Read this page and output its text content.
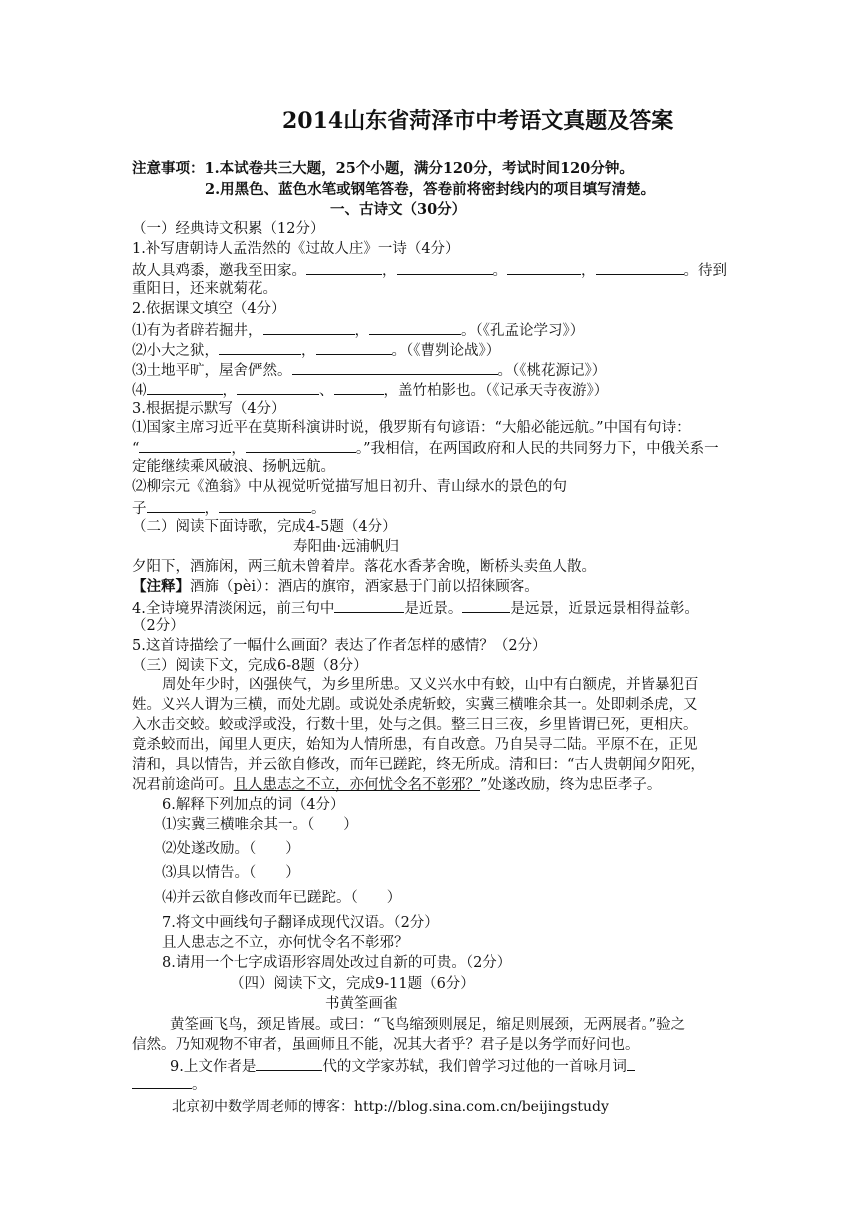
2014山东省菏泽市中考语文真题及答案
注意事项：1.本试卷共三大题，25个小题，满分120分，考试时间120分钟。
2.用黑色、蓝色水笔或钢笔答卷，答卷前将密封线内的项目填写清楚。
一、古诗文（30分）
（一）经典诗文积累（12分）
1.补写唐朝诗人孟浩然的《过故人庄》一诗（4分）
故人具鸡黍，邀我至田家。	，	。	，	。待到
重阳日，还来就菊花。
2.依据课文填空（4分）
⑴有为者辟若掘井，	，	。（《孔孟论学习》）
⑵小大之狱，	，	。（《曹刿论战》）
⑶土地平旷，屋舍俨然。	。（《桃花源记》）
⑷	，	、	，盖竹柏影也。（《记承天寺夜游》）
3.根据提示默写（4分）
⑴国家主席习近平在莫斯科演讲时说，俄罗斯有句谚语：“大船必能远航。”中国有句诗：
“	，	。”我相信，在两国政府和人民的共同努力下，中俄关系一
定能继续乘风破浪、扬帆远航。
⑵柳宗元《渔翁》中从视觉听觉描写旭日初升、青山绿水的景色的句
子	，	。
（二）阅读下面诗歌，完成4-5题（4分）
寿阳曲·远浦帆归
夕阳下，酒旆闲，两三航未曾着岸。落花水香茅舍晚，断桥头卖鱼人散。
【注释】酒旆（pèi）：酒店的旗帘，酒家悬于门前以招徕顾客。
4.全诗境界清淡闲远，前三句中	是近景。	是远景，近景远景相得益彰。
（2分）
5.这首诗描绘了一幅什么画面？表达了作者怎样的感情？（2分）
（三）阅读下文，完成6-8题（8分）
周处年少时，凶强侠气，为乡里所患。又义兴水中有蛟，山中有白额虎，并皆暴犯百
姓。义兴人谓为三横，而处尤剧。或说处杀虎斩蛟，实冀三横唯余其一。处即刺杀虎，又
入水击交蛟。蛟或浮或没，行数十里，处与之俱。整三日三夜，乡里皆谓已死，更相庆。
竟杀蛟而出，闻里人更庆，始知为人情所患，有自改意。乃自吴寻二陆。平原不在，正见
清和，具以情告，并云欲自修改，而年已蹉跎，终无所成。清和曰：“古人贵朝闻夕阳死，
况君前途尚可。且人患志之不立，亦何忧令名不彰邪？”处遂改励，终为忠臣孝子。
6.解释下列加点的词（4分）
⑴实冀三横唯余其一。（　　）
⑵处遂改励。（　　）
⑶具以情告。（　　）
⑷并云欲自修改而年已蹉跎。（　　）
7.将文中画线句子翻译成现代汉语。（2分）
且人患志之不立，亦何忧令名不彰邪？
8.请用一个七字成语形容周处改过自新的可贵。（2分）
（四）阅读下文，完成9-11题（6分）
书黄筌画雀
黄筌画飞鸟，颈足皆展。或曰：“飞鸟缩颈则展足，缩足则展颈，无两展者。”验之
信然。乃知观物不审者，虽画师且不能，况其大者乎？君子是以务学而好问也。
9.上文作者是	代的文学家苏轼，我们曾学习过他的一首咏月词
。
北京初中数学周老师的博客：http://blog.sina.com.cn/beijingstudy
